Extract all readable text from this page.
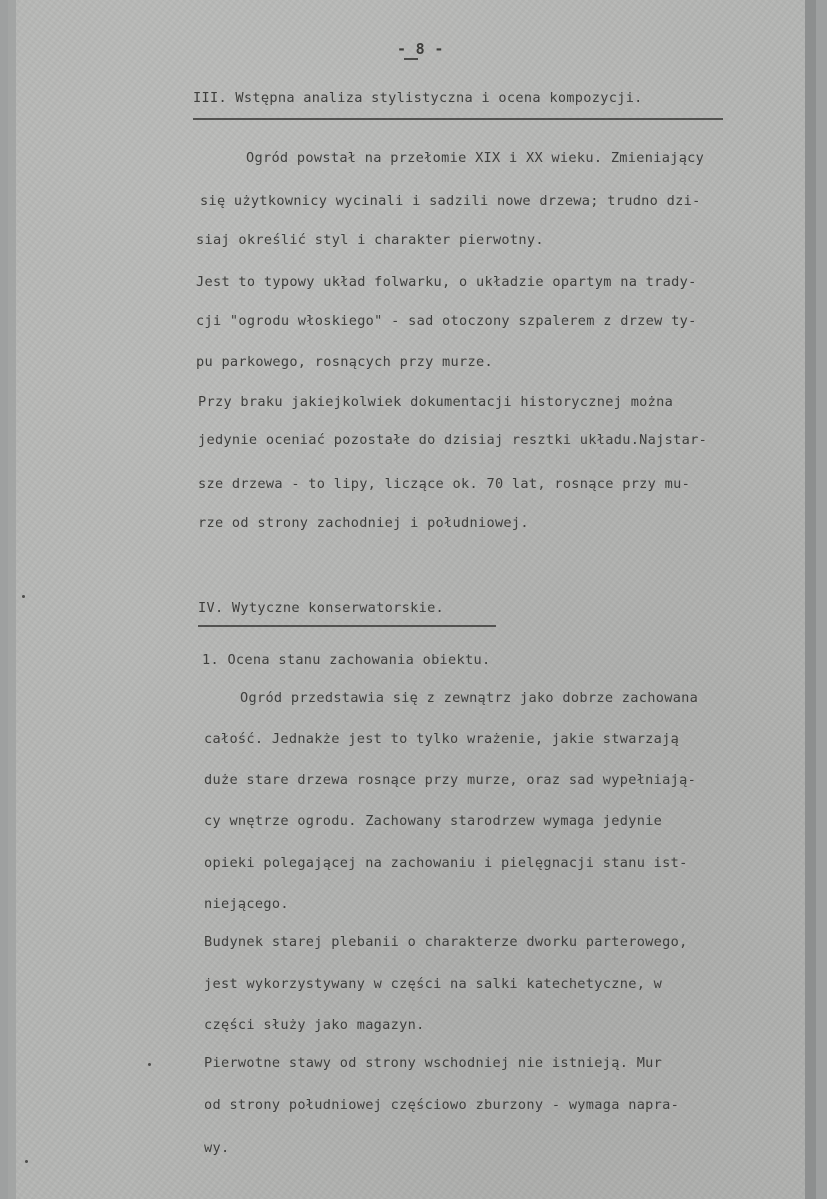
- 8 -
III. Wstępna analiza stylistyczna i ocena kompozycji.
Ogród powstał na przełomie XIX i XX wieku. Zmieniający
się użytkownicy wycinali i sadzili nowe drzewa; trudno dzi-
siaj określić styl i charakter pierwotny.
Jest to typowy układ folwarku, o układzie opartym na trady-
cji "ogrodu włoskiego" - sad otoczony szpalerem z drzew ty-
pu parkowego, rosnących przy murze.
Przy braku jakiejkolwiek dokumentacji historycznej można
jedynie oceniać pozostałe do dzisiaj resztki układu.Najstar-
sze drzewa - to lipy, liczące ok. 70 lat, rosnące przy mu-
rze od strony zachodniej i południowej.
IV. Wytyczne konserwatorskie.
1. Ocena stanu zachowania obiektu.
Ogród przedstawia się z zewnątrz jako dobrze zachowana
całość. Jednakże jest to tylko wrażenie, jakie stwarzają
duże stare drzewa rosnące przy murze, oraz sad wypełniają-
cy wnętrze ogrodu. Zachowany starodrzew wymaga jedynie
opieki polegającej na zachowaniu i pielęgnacji stanu ist-
niejącego.
Budynek starej plebanii o charakterze dworku parterowego,
jest wykorzystywany w części na salki katechetyczne, w
części służy jako magazyn.
Pierwotne stawy od strony wschodniej nie istnieją. Mur
od strony południowej częściowo zburzony - wymaga napra-
wy.
